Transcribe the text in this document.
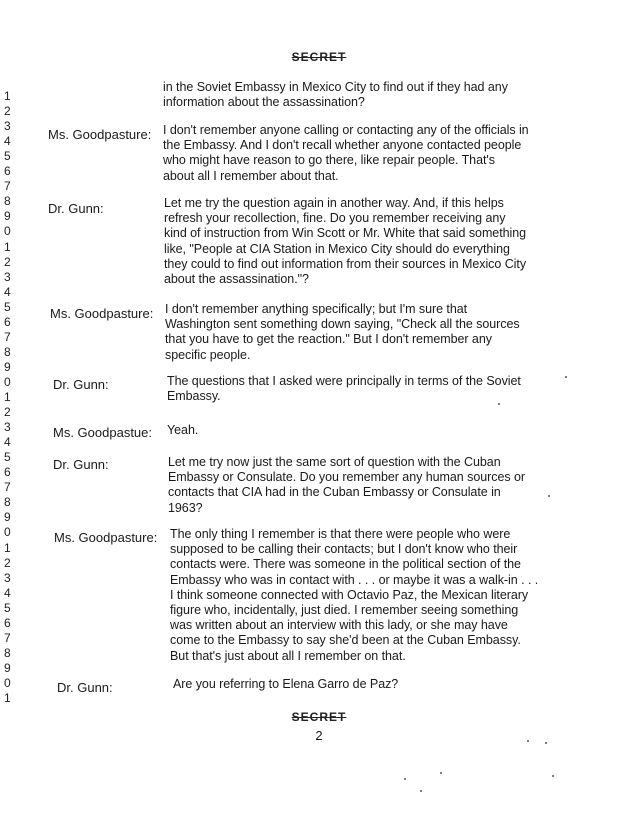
SECRET
1
2
3
4
5
6
7
8
9
0
1
2
3
4
5
6
7
8
9
0
1
2
3
4
5
6
7
8
9
0
1
2
3
4
5
6
7
8
9
0
1
in the Soviet Embassy in Mexico City to find out if they had any
information about the assassination?
Ms. Goodpasture: I don't remember anyone calling or contacting any of the officials in
the Embassy. And I don't recall whether anyone contacted people
who might have reason to go there, like repair people. That's
about all I remember about that.
Dr. Gunn:	Let me try the question again in another way. And, if this helps
refresh your recollection, fine. Do you remember receiving any
kind of instruction from Win Scott or Mr. White that said something
like, "People at CIA Station in Mexico City should do everything
they could to find out information from their sources in Mexico City
about the assassination."?
Ms. Goodpasture: I don't remember anything specifically; but I'm sure that
Washington sent something down saying, "Check all the sources
that you have to get the reaction." But I don't remember any
specific people.
Dr. Gunn:	The questions that I asked were principally in terms of the Soviet
Embassy.
Ms. Goodpastue: Yeah.
Dr. Gunn:	Let me try now just the same sort of question with the Cuban
Embassy or Consulate. Do you remember any human sources or
contacts that CIA had in the Cuban Embassy or Consulate in
1963?
Ms. Goodpasture: The only thing I remember is that there were people who were
supposed to be calling their contacts; but I don't know who their
contacts were. There was someone in the political section of the
Embassy who was in contact with . . . or maybe it was a walk-in . . .
I think someone connected with Octavio Paz, the Mexican literary
figure who, incidentally, just died. I remember seeing something
was written about an interview with this lady, or she may have
come to the Embassy to say she'd been at the Cuban Embassy.
But that's just about all I remember on that.
Dr. Gunn:	Are you referring to Elena Garro de Paz?
SECRET
2
